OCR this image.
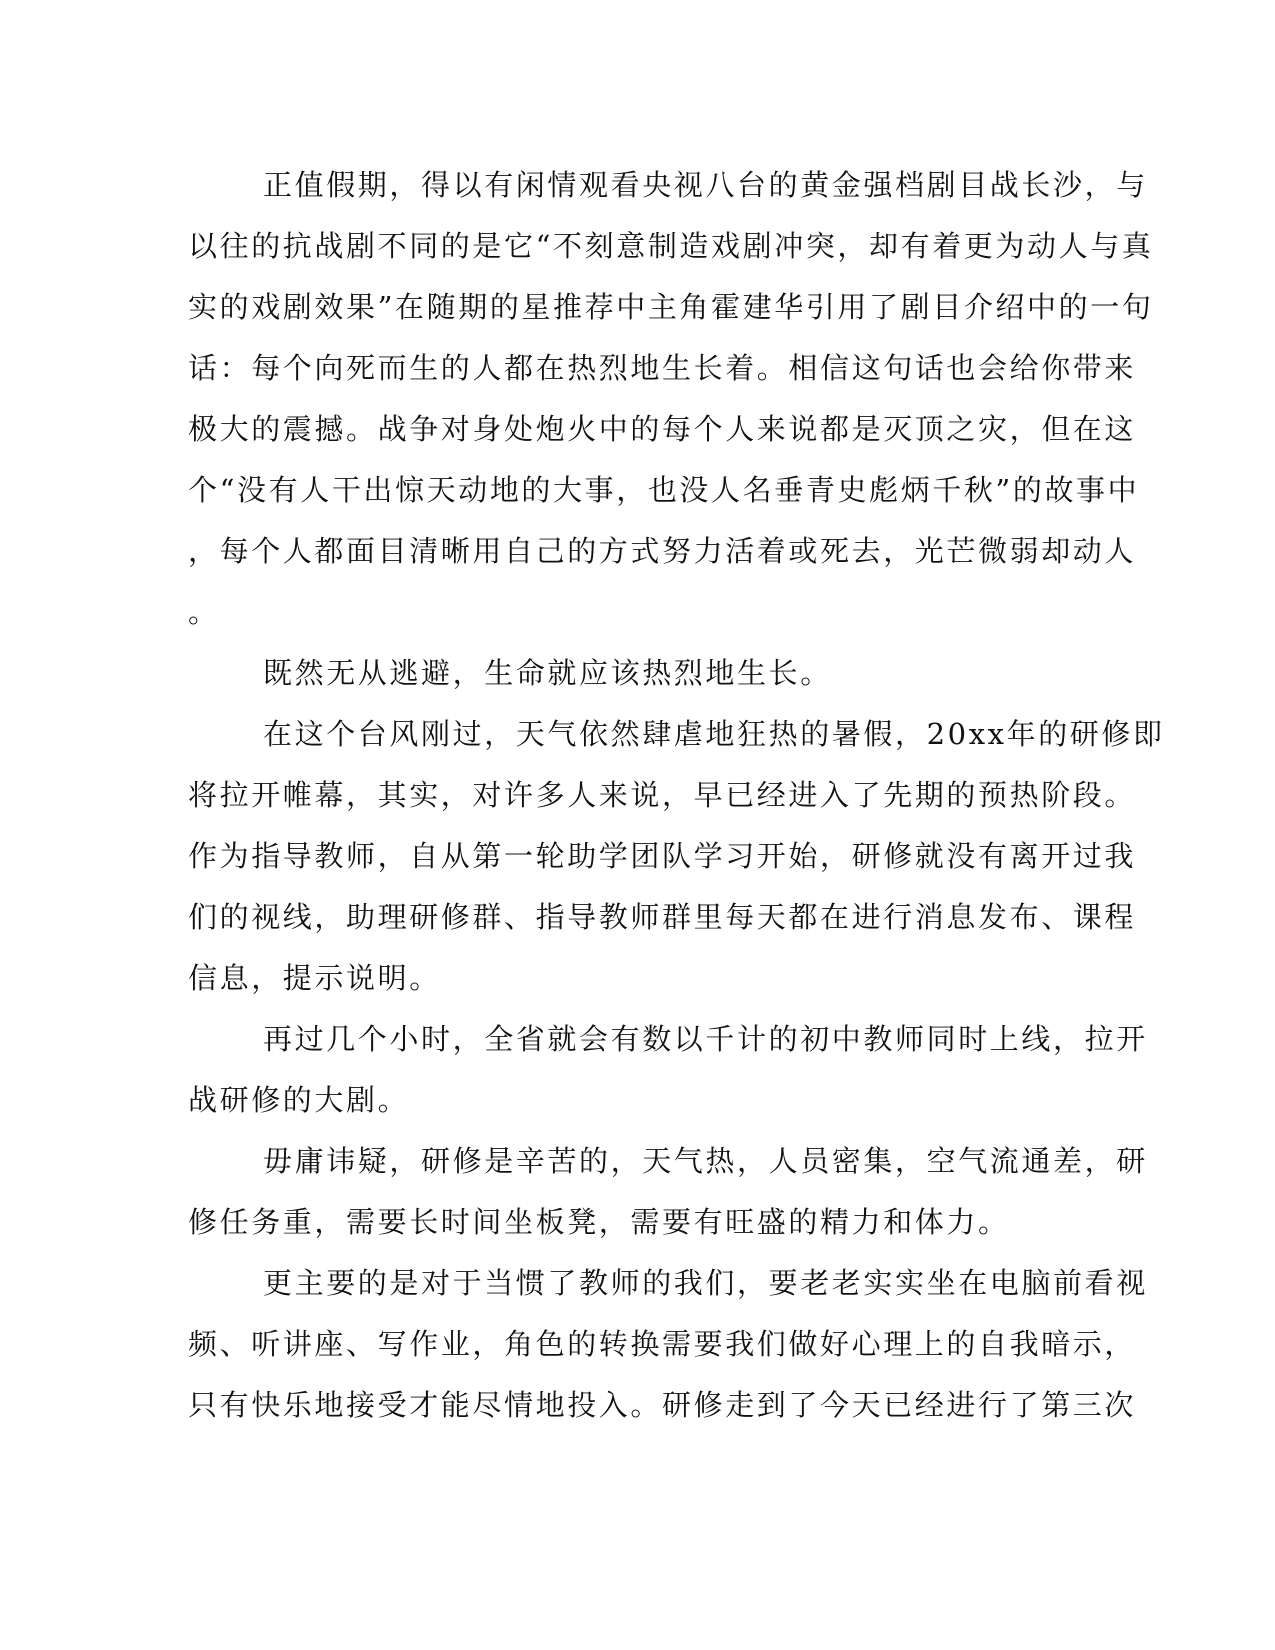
正值假期，得以有闲情观看央视八台的黄金强档剧目战长沙，与
以往的抗战剧不同的是它“不刻意制造戏剧冲突，却有着更为动人与真
实的戏剧效果”在随期的星推荐中主角霍建华引用了剧目介绍中的一句
话：每个向死而生的人都在热烈地生长着。相信这句话也会给你带来
极大的震撼。战争对身处炮火中的每个人来说都是灭顶之灾，但在这
个“没有人干出惊天动地的大事，也没人名垂青史彪炳千秋”的故事中
，每个人都面目清晰用自己的方式努力活着或死去，光芒微弱却动人
。
既然无从逃避，生命就应该热烈地生长。
在这个台风刚过，天气依然肆虐地狂热的暑假，20xx年的研修即
将拉开帷幕，其实，对许多人来说，早已经进入了先期的预热阶段。
作为指导教师，自从第一轮助学团队学习开始，研修就没有离开过我
们的视线，助理研修群、指导教师群里每天都在进行消息发布、课程
信息，提示说明。
再过几个小时，全省就会有数以千计的初中教师同时上线，拉开
战研修的大剧。
毋庸讳疑，研修是辛苦的，天气热，人员密集，空气流通差，研
修任务重，需要长时间坐板凳，需要有旺盛的精力和体力。
更主要的是对于当惯了教师的我们，要老老实实坐在电脑前看视
频、听讲座、写作业，角色的转换需要我们做好心理上的自我暗示，
只有快乐地接受才能尽情地投入。研修走到了今天已经进行了第三次
